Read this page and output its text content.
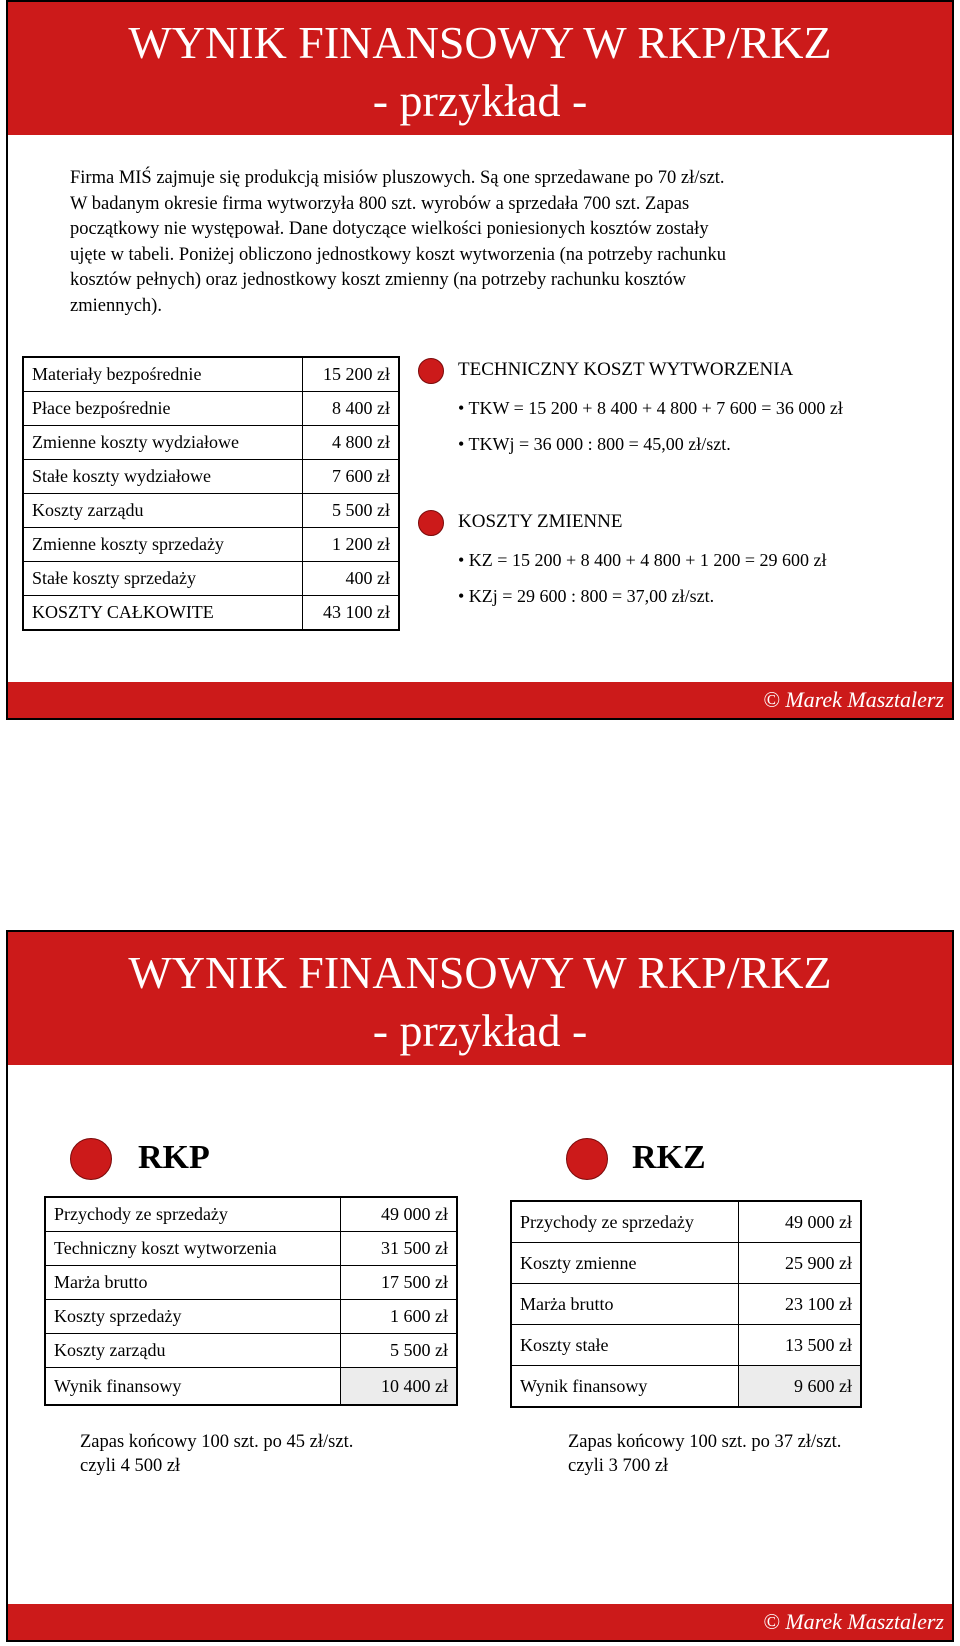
WYNIK FINANSOWY W RKP/RKZ
- przykład -

Firma MIŚ zajmuje się produkcją misiów pluszowych. Są one sprzedawane po 70 zł/szt.

W badanym okresie firma wytworzyła 800 szt. wyrobów a sprzedała 700 szt. Zapas

początkowy nie występował. Dane dotyczące wielkości poniesionych kosztów zostały

ujęte w tabeli. Poniżej obliczono jednostkowy koszt wytworzenia (na potrzeby rachunku

kosztów pełnych) oraz jednostkowy koszt zmienny (na potrzeby rachunku kosztów

zmiennych).

Materiały bezpośrednie	15 200 zł
Płace bezpośrednie	8 400 zł
Zmienne koszty wydziałowe	4 800 zł
Stałe koszty wydziałowe	7 600 zł
Koszty zarządu	5 500 zł
Zmienne koszty sprzedaży	1 200 zł
Stałe koszty sprzedaży	400 zł
KOSZTY CAŁKOWITE	43 100 zł
TECHNICZNY KOSZT WYTWORZENIA
• TKW = 15 200 + 8 400 + 4 800 + 7 600 = 36 000 zł
• TKWj = 36 000 : 800 = 45,00 zł/szt.
KOSZTY ZMIENNE
• KZ = 15 200 + 8 400 + 4 800 + 1 200 = 29 600 zł
• KZj = 29 600 : 800 = 37,00 zł/szt.
© Marek Masztalerz
WYNIK FINANSOWY W RKP/RKZ
- przykład -
RKP	RKZ
Przychody ze sprzedaży	49 000 zł
Techniczny koszt wytworzenia	31 500 zł
Marża brutto	17 500 zł
Koszty sprzedaży	1 600 zł
Koszty zarządu	5 500 zł
Wynik finansowy	10 400 zł
Przychody ze sprzedaży	49 000 zł
Koszty zmienne	25 900 zł
Marża brutto	23 100 zł
Koszty stałe	13 500 zł
Wynik finansowy	9 600 zł
Zapas końcowy 100 szt. po 45 zł/szt.
czyli 4 500 zł
Zapas końcowy 100 szt. po 37 zł/szt.
czyli 3 700 zł
© Marek Masztalerz
